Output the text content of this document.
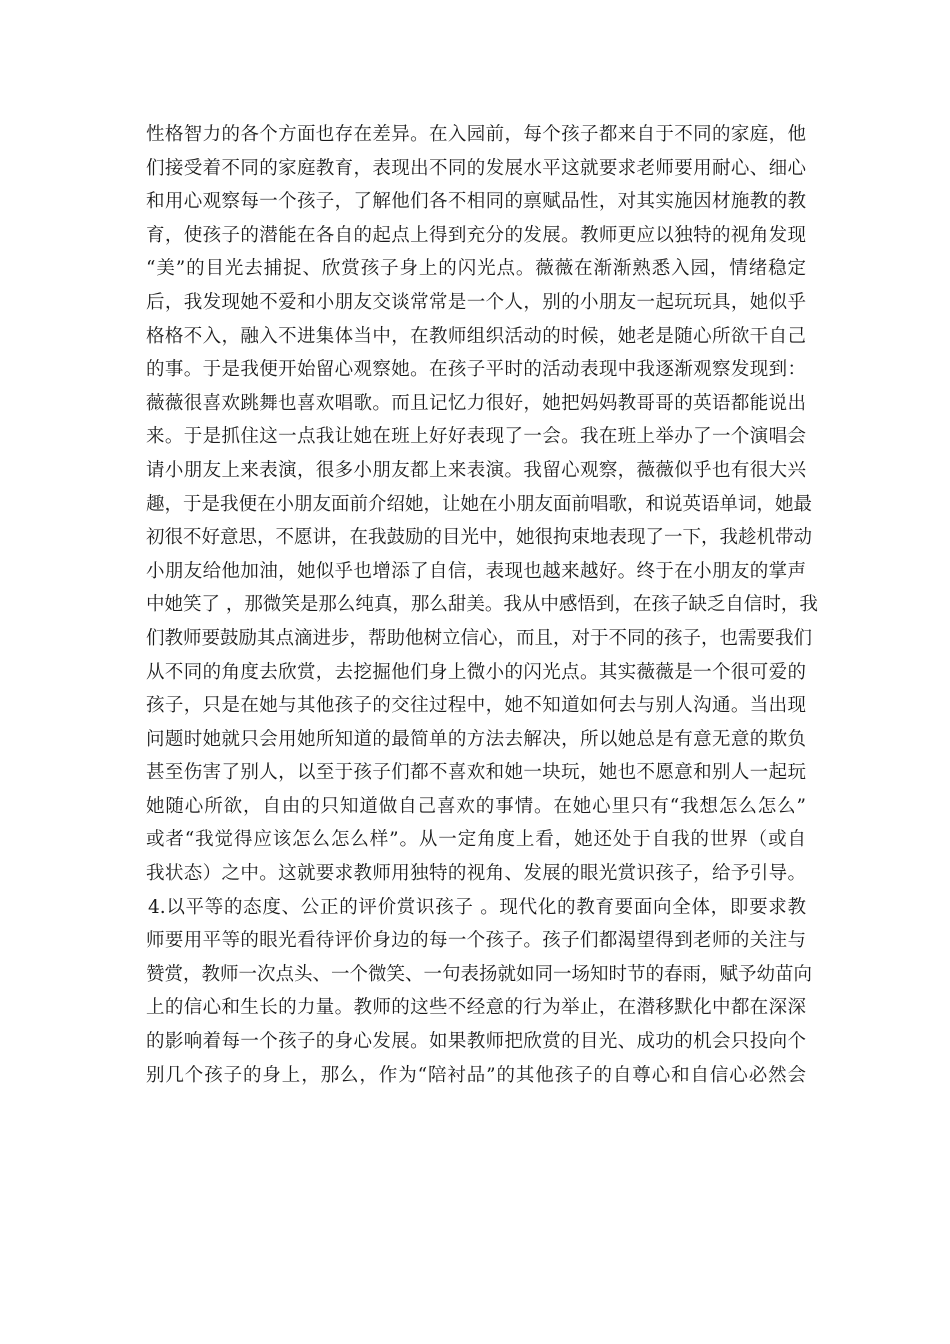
性格智力的各个方面也存在差异。在入园前，每个孩子都来自于不同的家庭，他
们接受着不同的家庭教育，表现出不同的发展水平这就要求老师要用耐心、细心
和用心观察每一个孩子，了解他们各不相同的禀赋品性，对其实施因材施教的教
育，使孩子的潜能在各自的起点上得到充分的发展。教师更应以独特的视角发现
“美”的目光去捕捉、欣赏孩子身上的闪光点。薇薇在渐渐熟悉入园，情绪稳定
后，我发现她不爱和小朋友交谈常常是一个人，别的小朋友一起玩玩具，她似乎
格格不入，融入不进集体当中，在教师组织活动的时候，她老是随心所欲干自己
的事。于是我便开始留心观察她。在孩子平时的活动表现中我逐渐观察发现到：
薇薇很喜欢跳舞也喜欢唱歌。而且记忆力很好，她把妈妈教哥哥的英语都能说出
来。于是抓住这一点我让她在班上好好表现了一会。我在班上举办了一个演唱会
请小朋友上来表演，很多小朋友都上来表演。我留心观察，薇薇似乎也有很大兴
趣，于是我便在小朋友面前介绍她，让她在小朋友面前唱歌，和说英语单词，她最
初很不好意思，不愿讲，在我鼓励的目光中，她很拘束地表现了一下，我趁机带动
小朋友给他加油，她似乎也增添了自信，表现也越来越好。终于在小朋友的掌声
中她笑了 ，那微笑是那么纯真，那么甜美。我从中感悟到，在孩子缺乏自信时，我
们教师要鼓励其点滴进步，帮助他树立信心，而且，对于不同的孩子，也需要我们
从不同的角度去欣赏，去挖掘他们身上微小的闪光点。其实薇薇是一个很可爱的
孩子，只是在她与其他孩子的交往过程中，她不知道如何去与别人沟通。当出现
问题时她就只会用她所知道的最简单的方法去解决，所以她总是有意无意的欺负
甚至伤害了别人，以至于孩子们都不喜欢和她一块玩，她也不愿意和别人一起玩
她随心所欲，自由的只知道做自己喜欢的事情。在她心里只有“我想怎么怎么”
或者“我觉得应该怎么怎么样”。从一定角度上看，她还处于自我的世界（或自
我状态）之中。这就要求教师用独特的视角、发展的眼光赏识孩子，给予引导。
4.以平等的态度、公正的评价赏识孩子 。现代化的教育要面向全体，即要求教
师要用平等的眼光看待评价身边的每一个孩子。孩子们都渴望得到老师的关注与
赞赏，教师一次点头、一个微笑、一句表扬就如同一场知时节的春雨，赋予幼苗向
上的信心和生长的力量。教师的这些不经意的行为举止，在潜移默化中都在深深
的影响着每一个孩子的身心发展。如果教师把欣赏的目光、成功的机会只投向个
别几个孩子的身上，那么，作为“陪衬品”的其他孩子的自尊心和自信心必然会
